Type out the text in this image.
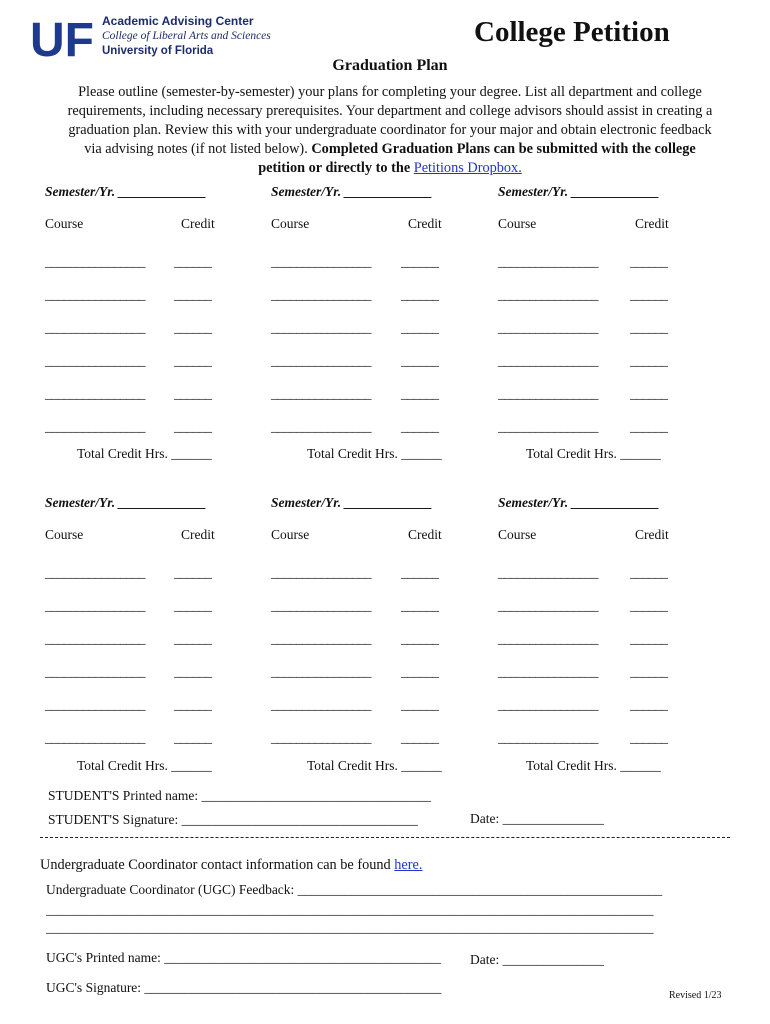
UF Academic Advising Center
College of Liberal Arts and Sciences
University of Florida
College Petition
Graduation Plan
Please outline (semester-by-semester) your plans for completing your degree. List all department and college requirements, including necessary prerequisites. Your department and college advisors should assist in creating a graduation plan. Review this with your undergraduate coordinator for your major and obtain electronic feedback via advising notes (if not listed below). Completed Graduation Plans can be submitted with the college petition or directly to the Petitions Dropbox.
Semester/Yr. _____________
Course	Credit
________________ ______
________________ ______
________________ ______
________________ ______
________________ ______
________________ ______
Total Credit Hrs. ______
Semester/Yr. _____________
Course	Credit
________________ ______
________________ ______
________________ ______
________________ ______
________________ ______
________________ ______
Total Credit Hrs. ______
Semester/Yr. _____________
Course	Credit
________________ ______
________________ ______
________________ ______
________________ ______
________________ ______
________________ ______
Total Credit Hrs. ______
Semester/Yr. _____________
Course	Credit
________________ ______
________________ ______
________________ ______
________________ ______
________________ ______
________________ ______
Total Credit Hrs. ______
Semester/Yr. _____________
Course	Credit
________________ ______
________________ ______
________________ ______
________________ ______
________________ ______
________________ ______
Total Credit Hrs. ______
Semester/Yr. _____________
Course	Credit
________________ ______
________________ ______
________________ ______
________________ ______
________________ ______
________________ ______
Total Credit Hrs. ______
STUDENT'S Printed name: __________________________________
STUDENT'S Signature: ___________________________________	Date: _______________
Undergraduate Coordinator contact information can be found here.
Undergraduate Coordinator (UGC) Feedback: ______________________________________________________
__________________________________________________________________________________________
__________________________________________________________________________________________
UGC's Printed name: _________________________________________ Date: _______________
UGC's Signature: ____________________________________________
Revised 1/23
